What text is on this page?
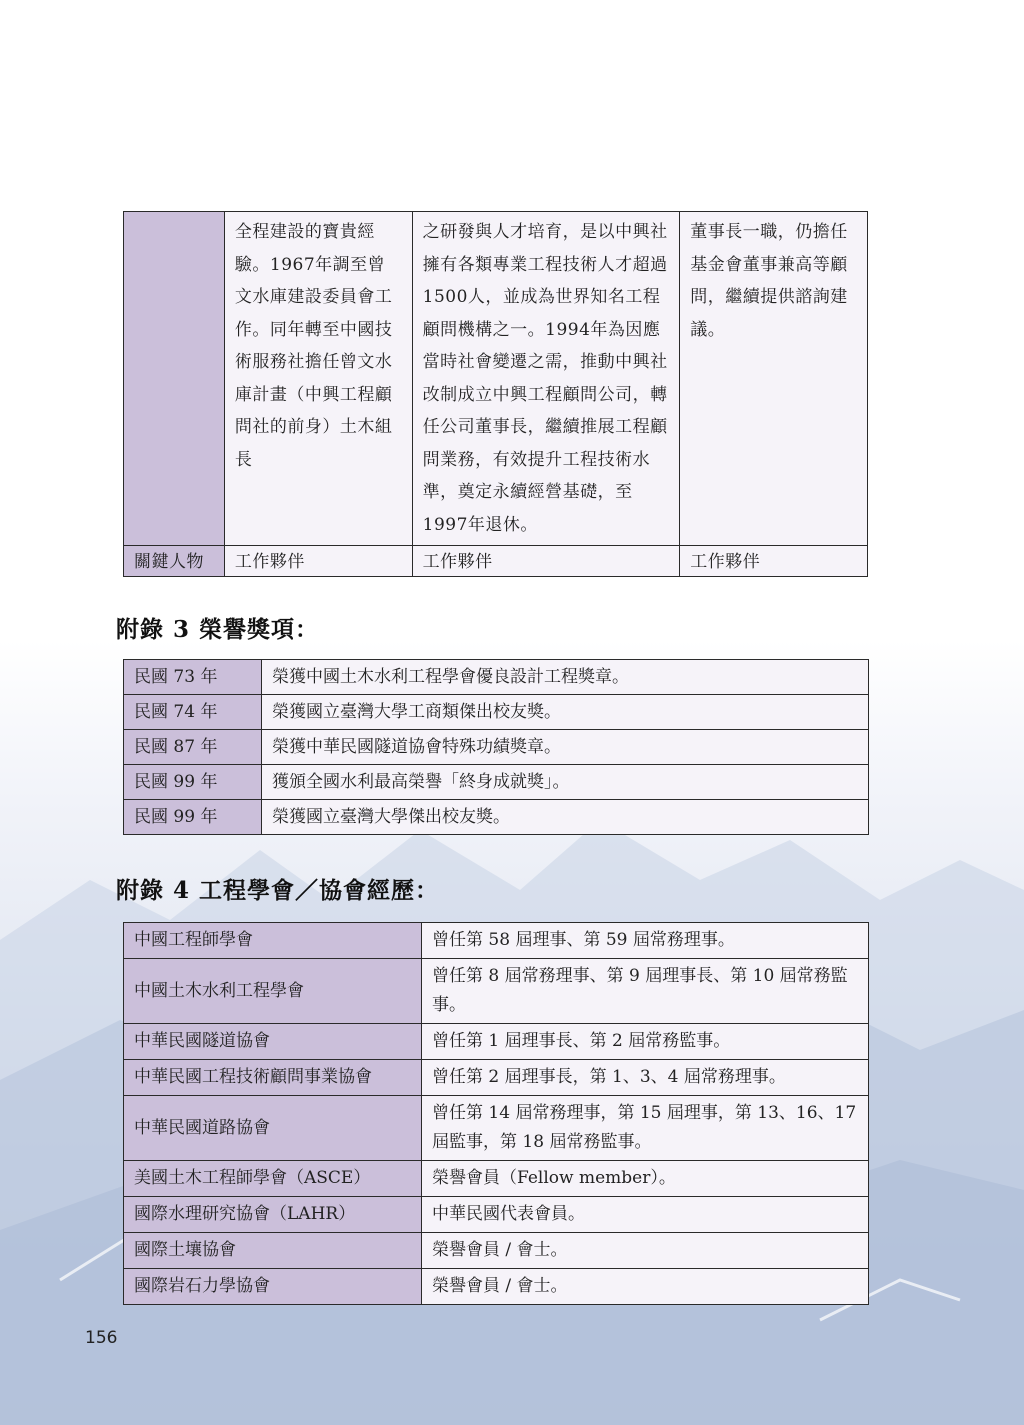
	全程建設的寶貴經驗。1967年調至曾文水庫建設委員會工作。同年轉至中國技術服務社擔任曾文水庫計畫（中興工程顧問社的前身）土木組長	之研發與人才培育，是以中興社擁有各類專業工程技術人才超過1500人，並成為世界知名工程顧問機構之一。1994年為因應當時社會變遷之需，推動中興社改制成立中興工程顧問公司，轉任公司董事長，繼續推展工程顧問業務，有效提升工程技術水準，奠定永續經營基礎，至1997年退休。	董事長一職，仍擔任基金會董事兼高等顧問，繼續提供諮詢建議。
關鍵人物	工作夥伴	工作夥伴	工作夥伴
附錄 3 榮譽獎項：
民國 73 年	榮獲中國土木水利工程學會優良設計工程獎章。
民國 74 年	榮獲國立臺灣大學工商類傑出校友獎。
民國 87 年	榮獲中華民國隧道協會特殊功績獎章。
民國 99 年	獲頒全國水利最高榮譽「終身成就獎」。
民國 99 年	榮獲國立臺灣大學傑出校友獎。
附錄 4 工程學會／協會經歷：
中國工程師學會	曾任第 58 屆理事、第 59 屆常務理事。
中國土木水利工程學會	曾任第 8 屆常務理事、第 9 屆理事長、第 10 屆常務監事。
中華民國隧道協會	曾任第 1 屆理事長、第 2 屆常務監事。
中華民國工程技術顧問事業協會	曾任第 2 屆理事長，第 1、3、4 屆常務理事。
中華民國道路協會	曾任第 14 屆常務理事，第 15 屆理事，第 13、16、17 屆監事，第 18 屆常務監事。
美國土木工程師學會（ASCE）	榮譽會員（Fellow member）。
國際水理研究協會（LAHR）	中華民國代表會員。
國際土壤協會	榮譽會員 / 會士。
國際岩石力學協會	榮譽會員 / 會士。
156
